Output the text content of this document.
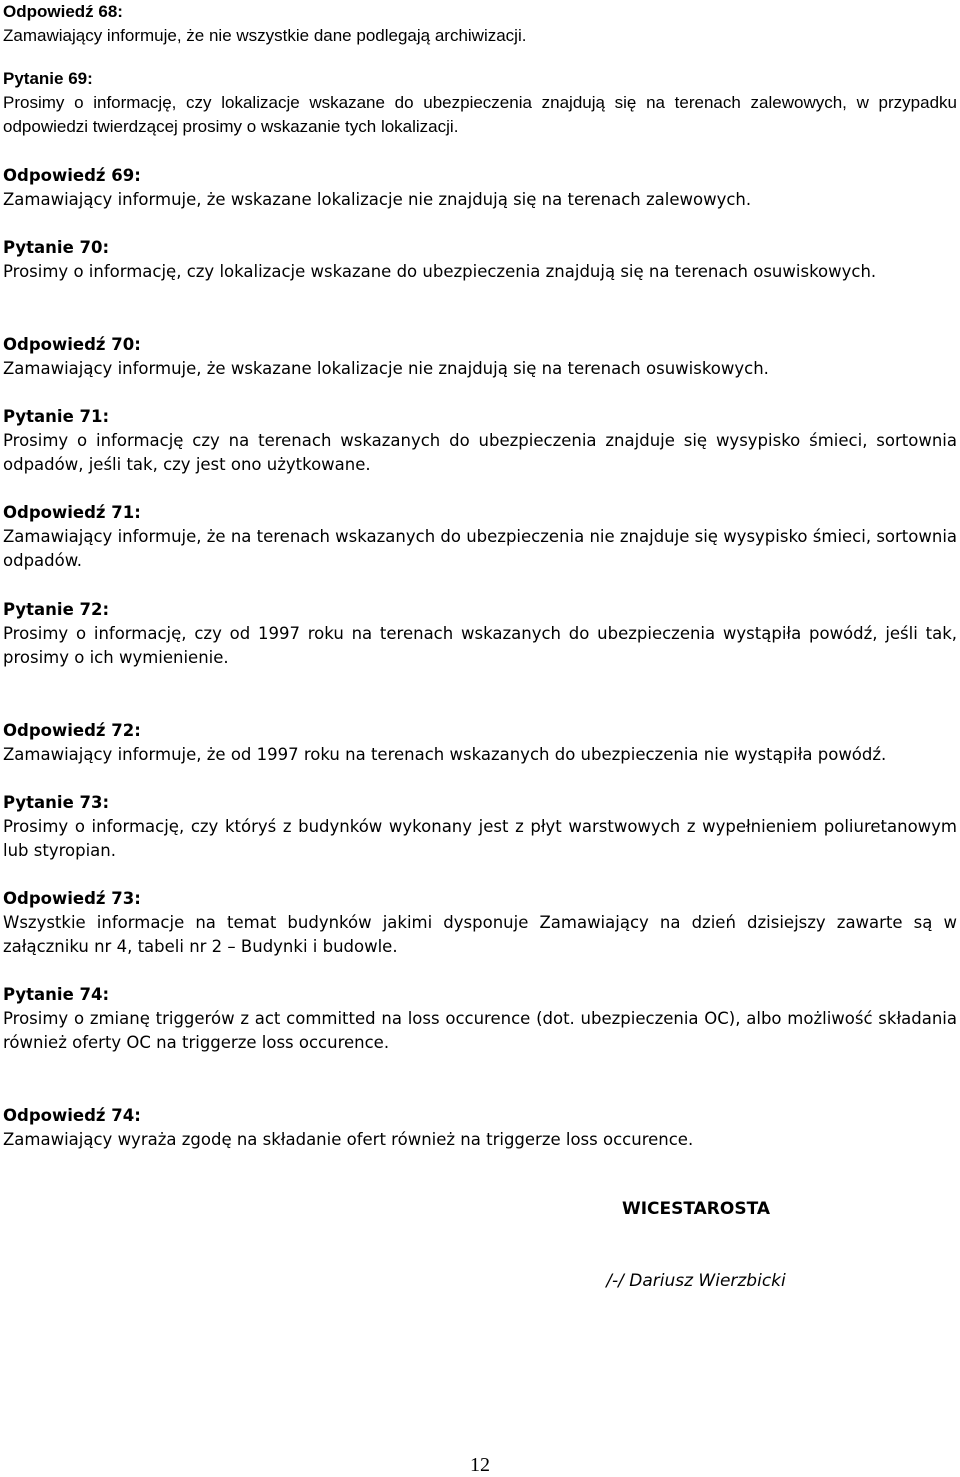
Odpowiedź 68:
Zamawiający informuje, że nie wszystkie dane podlegają archiwizacji.
Pytanie 69:
Prosimy o informację, czy lokalizacje wskazane do ubezpieczenia znajdują się na terenach zalewowych, w przypadku odpowiedzi twierdzącej prosimy o wskazanie tych lokalizacji.
Odpowiedź 69:
Zamawiający informuje, że wskazane lokalizacje nie znajdują się na terenach zalewowych.
Pytanie 70:
Prosimy o informację, czy lokalizacje wskazane do ubezpieczenia znajdują się na terenach osuwiskowych.
Odpowiedź 70:
Zamawiający informuje, że wskazane lokalizacje nie znajdują się na terenach osuwiskowych.
Pytanie 71:
Prosimy o informację czy na terenach wskazanych do ubezpieczenia znajduje się wysypisko śmieci, sortownia odpadów, jeśli tak, czy jest ono użytkowane.
Odpowiedź 71:
Zamawiający informuje, że na terenach wskazanych do ubezpieczenia nie znajduje się wysypisko śmieci, sortownia odpadów.
Pytanie 72:
Prosimy o informację, czy od 1997 roku na terenach wskazanych do ubezpieczenia wystąpiła powódź, jeśli tak, prosimy o ich wymienienie.
Odpowiedź 72:
Zamawiający informuje, że od 1997 roku na terenach wskazanych do ubezpieczenia nie wystąpiła powódź.
Pytanie 73:
Prosimy o informację, czy któryś z budynków wykonany jest z płyt warstwowych z wypełnieniem poliuretanowym lub styropian.
Odpowiedź 73:
Wszystkie informacje na temat budynków jakimi dysponuje Zamawiający na dzień dzisiejszy zawarte są w załączniku nr 4, tabeli nr 2 – Budynki i budowle.
Pytanie 74:
Prosimy o zmianę triggerów z act committed na loss occurence (dot. ubezpieczenia OC), albo możliwość składania również oferty OC na triggerze loss occurence.
Odpowiedź 74:
Zamawiający wyraża zgodę na składanie ofert również na triggerze loss occurence.
WICESTAROSTA
/-/ Dariusz Wierzbicki
12
